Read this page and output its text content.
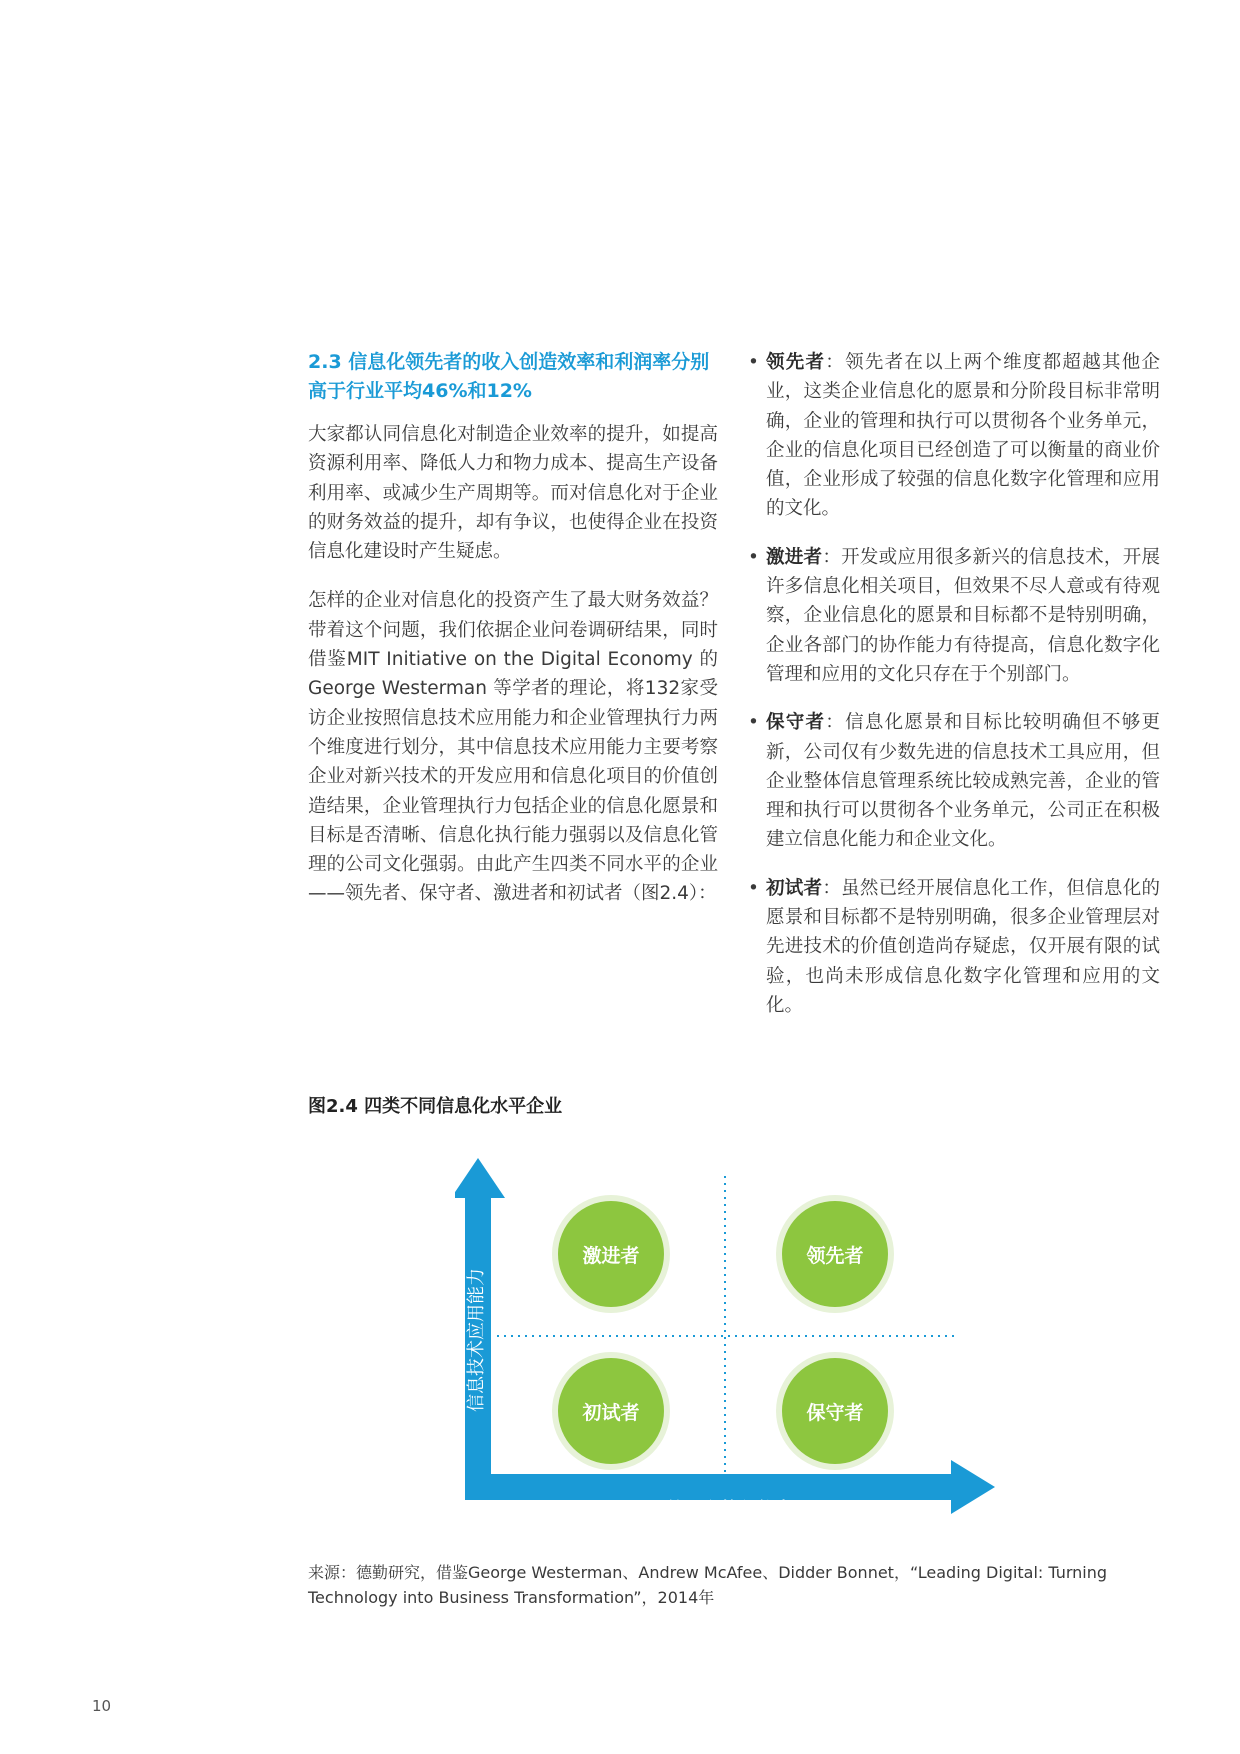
2.3 信息化领先者的收入创造效率和利润率分别高于行业平均46%和12%

大家都认同信息化对制造企业效率的提升，如提高资源利用率、降低人力和物力成本、提高生产设备利用率、或减少生产周期等。而对信息化对于企业的财务效益的提升，却有争议，也使得企业在投资信息化建设时产生疑虑。

怎样的企业对信息化的投资产生了最大财务效益？带着这个问题，我们依据企业问卷调研结果，同时借鉴MIT Initiative on the Digital Economy 的George Westerman 等学者的理论，将132家受访企业按照信息技术应用能力和企业管理执行力两个维度进行划分，其中信息技术应用能力主要考察企业对新兴技术的开发应用和信息化项目的价值创造结果，企业管理执行力包括企业的信息化愿景和目标是否清晰、信息化执行能力强弱以及信息化管理的公司文化强弱。由此产生四类不同水平的企业——领先者、保守者、激进者和初试者（图2.4）：

• 领先者：领先者在以上两个维度都超越其他企业，这类企业信息化的愿景和分阶段目标非常明确，企业的管理和执行可以贯彻各个业务单元，企业的信息化项目已经创造了可以衡量的商业价值，企业形成了较强的信息化数字化管理和应用的文化。
• 激进者：开发或应用很多新兴的信息技术，开展许多信息化相关项目，但效果不尽人意或有待观察，企业信息化的愿景和目标都不是特别明确，企业各部门的协作能力有待提高，信息化数字化管理和应用的文化只存在于个别部门。
• 保守者：信息化愿景和目标比较明确但不够更新，公司仅有少数先进的信息技术工具应用，但企业整体信息管理系统比较成熟完善，企业的管理和执行可以贯彻各个业务单元，公司正在积极建立信息化能力和企业文化。
• 初试者：虽然已经开展信息化工作，但信息化的愿景和目标都不是特别明确，很多企业管理层对先进技术的价值创造尚存疑虑，仅开展有限的试验，也尚未形成信息化数字化管理和应用的文化。
图2.4 四类不同信息化水平企业
信息技术应用能力
管理和执行能力
激进者	领先者
初试者	保守者
来源：德勤研究，借鉴George Westerman、Andrew McAfee、Didder Bonnet，“Leading Digital: Turning Technology into Business Transformation”，2014年
10
